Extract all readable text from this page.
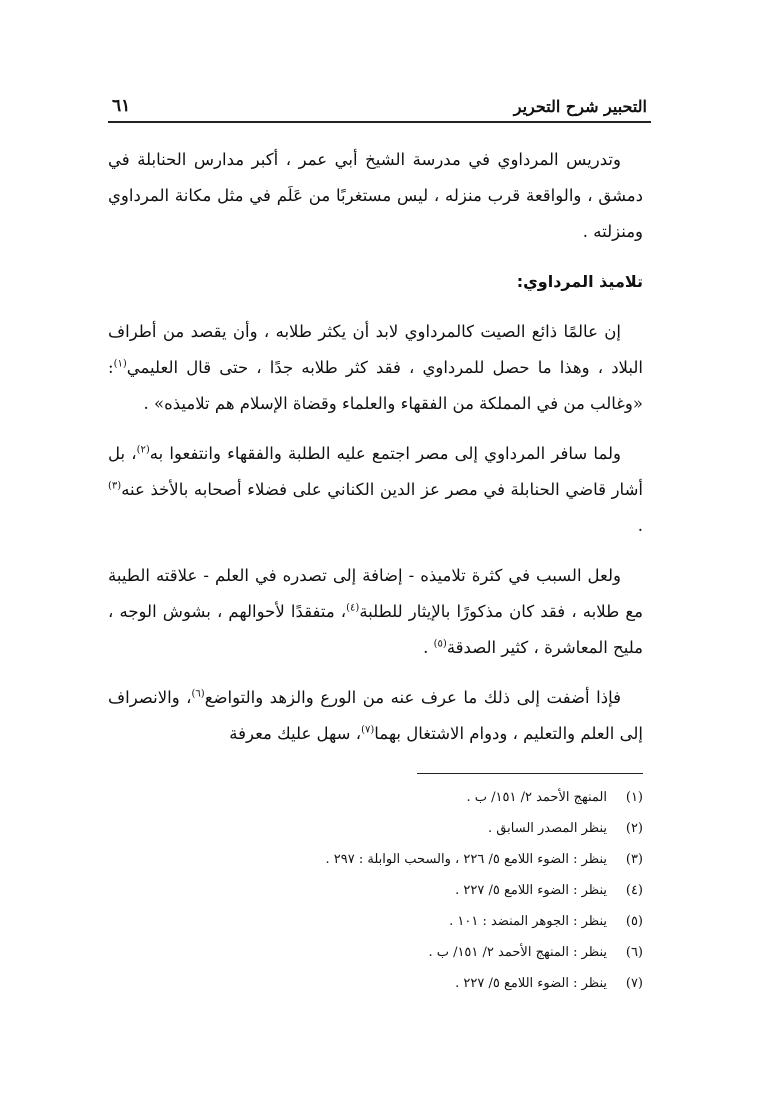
التحبير شرح التحرير
٦١

وتدريس المرداوي في مدرسة الشيخ أبي عمر ، أكبر مدارس الحنابلة في دمشق ، والواقعة قرب منزله ، ليس مستغربًا من عَلَم في مثل مكانة المرداوي ومنزلته .

تلاميذ المرداوي:

إن عالمًا ذائع الصيت كالمرداوي لابد أن يكثر طلابه ، وأن يقصد من أطراف البلاد ، وهذا ما حصل للمرداوي ، فقد كثر طلابه جدًا ، حتى قال العليمي$^{(١)}$: «وغالب من في المملكة من الفقهاء والعلماء وقضاة الإسلام هم تلاميذه» .

ولما سافر المرداوي إلى مصر اجتمع عليه الطلبة والفقهاء وانتفعوا به$^{(٢)}$، بل أشار قاضي الحنابلة في مصر عز الدين الكناني على فضلاء أصحابه بالأخذ عنه$^{(٣)}$ .

ولعل السبب في كثرة تلاميذه - إضافة إلى تصدره في العلم - علاقته الطيبة مع طلابه ، فقد كان مذكورًا بالإيثار للطلبة$^{(٤)}$، متفقدًا لأحوالهم ، بشوش الوجه ، مليح المعاشرة ، كثير الصدقة$^{(٥)}$ .

فإذا أضفت إلى ذلك ما عرف عنه من الورع والزهد والتواضع$^{(٦)}$، والانصراف إلى العلم والتعليم ، ودوام الاشتغال بهما$^{(٧)}$، سهل عليك معرفة

(١)المنهج الأحمد ٢/ ١٥١/ ب .
(٢)ينظر المصدر السابق .
(٣)ينظر : الضوء اللامع ٥/ ٢٢٦ ، والسحب الوابلة : ٢٩٧ .
(٤)ينظر : الضوء اللامع ٥/ ٢٢٧ .
(٥)ينظر : الجوهر المنضد : ١٠١ .
(٦)ينظر : المنهج الأحمد ٢/ ١٥١/ ب .
(٧)ينظر : الضوء اللامع ٥/ ٢٢٧ .
